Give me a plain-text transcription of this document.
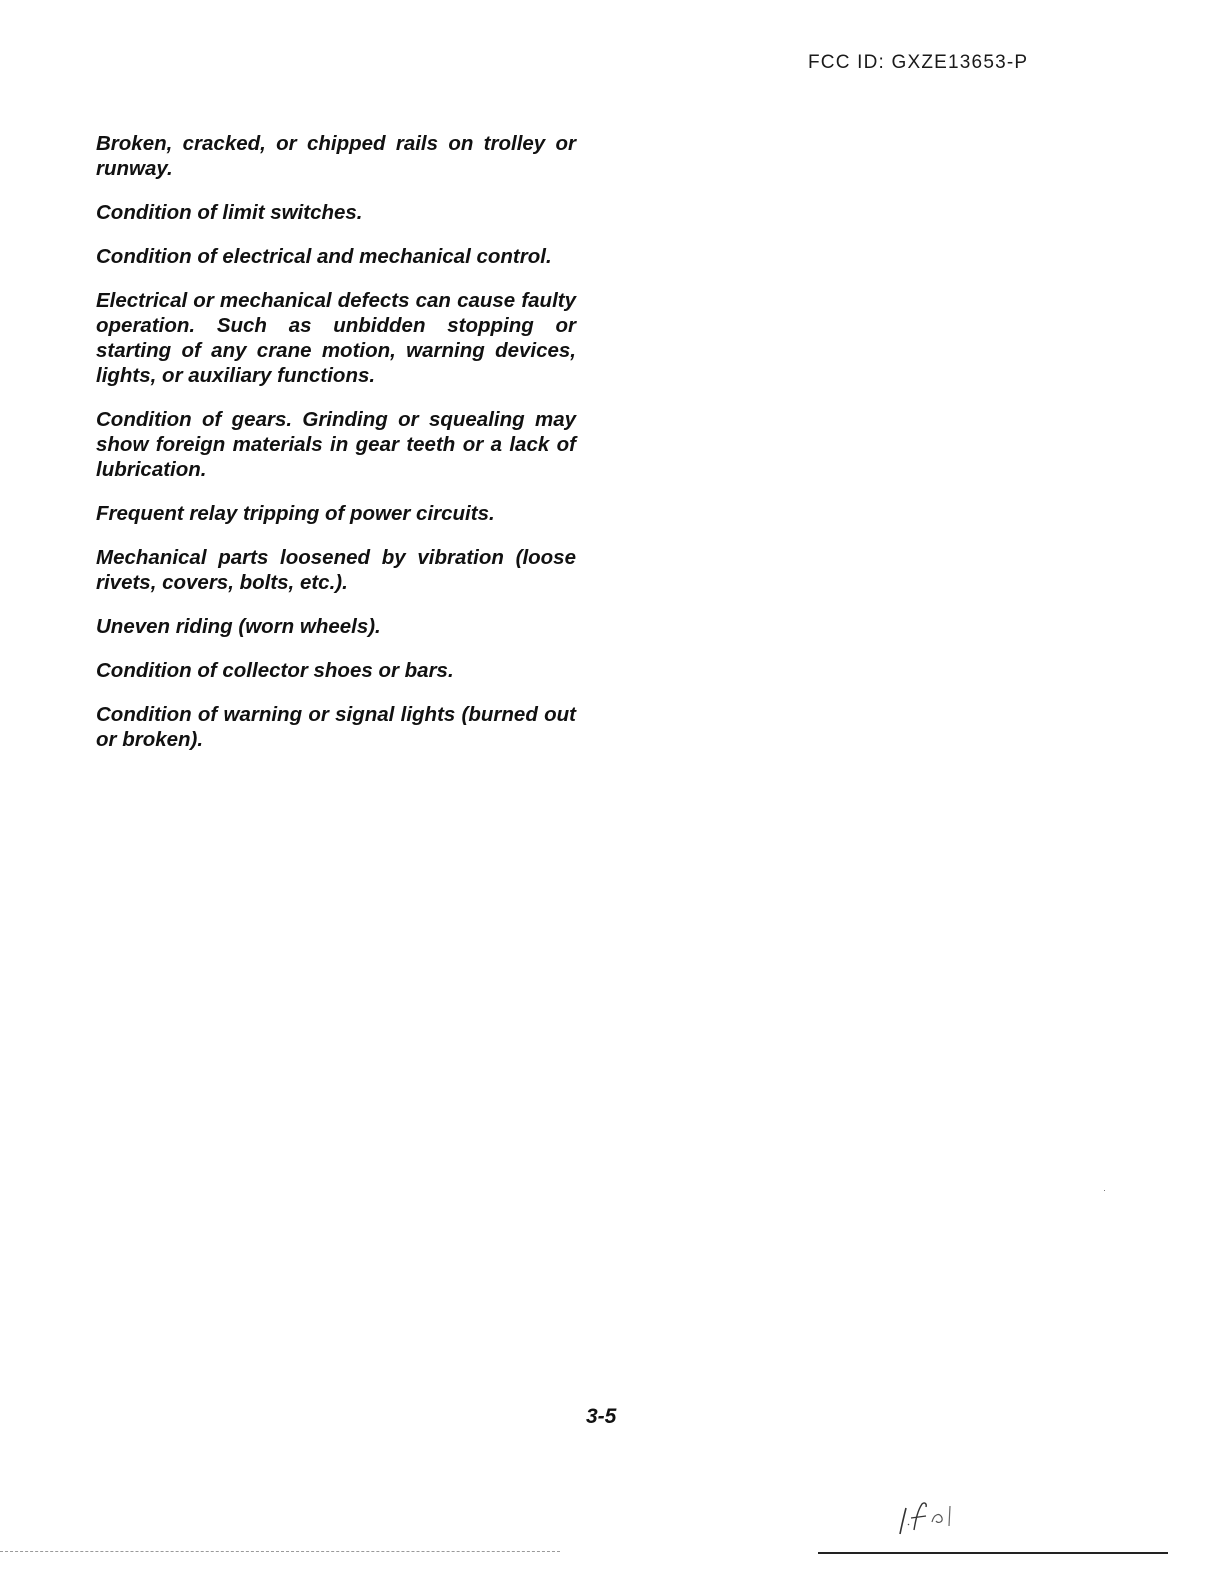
FCC ID: GXZE13653-P
Broken, cracked, or chipped rails on trolley or runway.
Condition of limit switches.
Condition of electrical and mechanical control.
Electrical or mechanical defects can cause faulty operation. Such as unbidden stopping or starting of any crane motion, warning devices, lights, or auxiliary functions.
Condition of gears. Grinding or squealing may show foreign materials in gear teeth or a lack of lubrication.
Frequent relay tripping of power circuits.
Mechanical parts loosened by vibration (loose rivets, covers, bolts, etc.).
Uneven riding (worn wheels).
Condition of collector shoes or bars.
Condition of warning or signal lights (burned out or broken).
3-5
